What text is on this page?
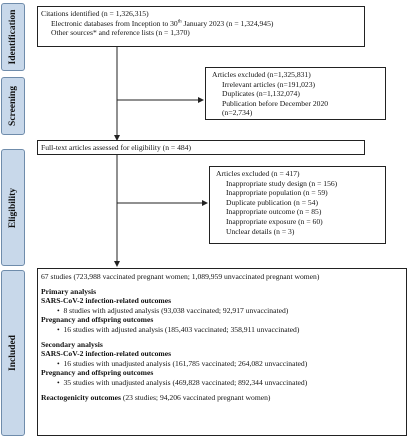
Identification
Screening
Eligibility
Included
Citations identified (n = 1,326,315)
Electronic databases from Inception to 30th January 2023 (n = 1,324,945)
Other sources* and reference lists (n = 1,370)
Articles excluded (n=1,325,831)
Irrelevant articles (n=191,023)
Duplicates (n=1,132,074)
Publication before December 2020
(n=2,734)
Full-text articles assessed for eligibility (n = 484)
Articles excluded (n = 417)
Inappropriate study design (n = 156)
Inappropriate population (n = 59)
Duplicate publication (n = 54)
Inappropriate outcome (n = 85)
Inappropriate exposure (n = 60)
Unclear details (n = 3)
67 studies (723,988 vaccinated pregnant women; 1,089,959 unvaccinated pregnant women)
Primary analysis
SARS-CoV-2 infection-related outcomes
• 8 studies with adjusted analysis (93,038 vaccinated; 92,917 unvaccinated)
Pregnancy and offspring outcomes
• 16 studies with adjusted analysis (185,403 vaccinated; 358,911 unvaccinated)
Secondary analysis
SARS-CoV-2 infection-related outcomes
• 16 studies with unadjusted analysis (161,785 vaccinated; 264,082 unvaccinated)
Pregnancy and offspring outcomes
• 35 studies with unadjusted analysis (469,828 vaccinated; 892,344 unvaccinated)
Reactogenicity outcomes (23 studies; 94,206 vaccinated pregnant women)
